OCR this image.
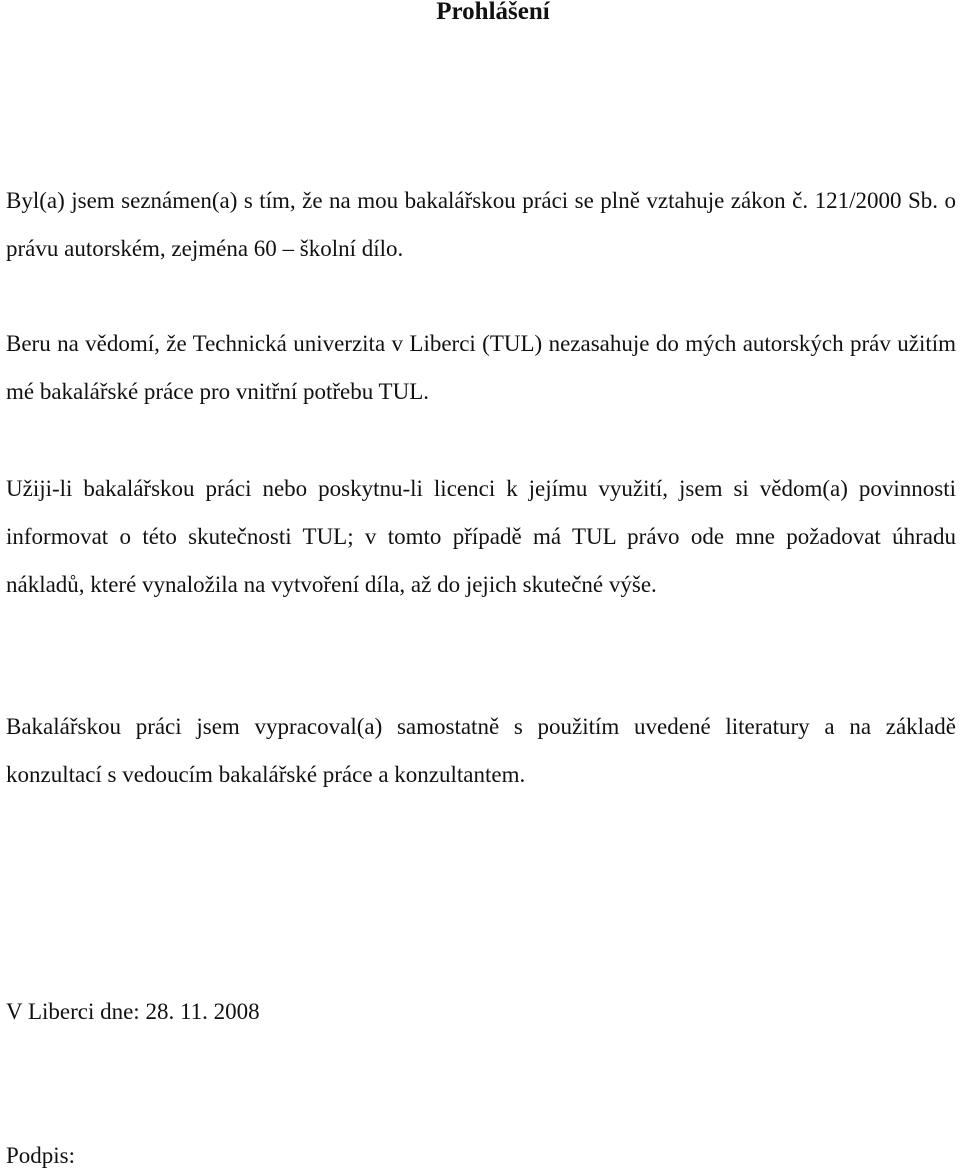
Prohlášení

Byl(a) jsem seznámen(a) s tím, že na mou bakalářskou práci se plně vztahuje zákon č. 121/2000 Sb. o právu autorském, zejména 60 – školní dílo.

Beru na vědomí, že Technická univerzita v Liberci (TUL) nezasahuje do mých autorských práv užitím mé bakalářské práce pro vnitřní potřebu TUL.

Užiji-li bakalářskou práci nebo poskytnu-li licenci k jejímu využití, jsem si vědom(a) povinnosti informovat o této skutečnosti TUL; v tomto případě má TUL právo ode mne požadovat úhradu nákladů, které vynaložila na vytvoření díla, až do jejich skutečné výše.

Bakalářskou práci jsem vypracoval(a) samostatně s použitím uvedené literatury a na základě konzultací s vedoucím bakalářské práce a konzultantem.

V Liberci dne: 28. 11. 2008

Podpis:
